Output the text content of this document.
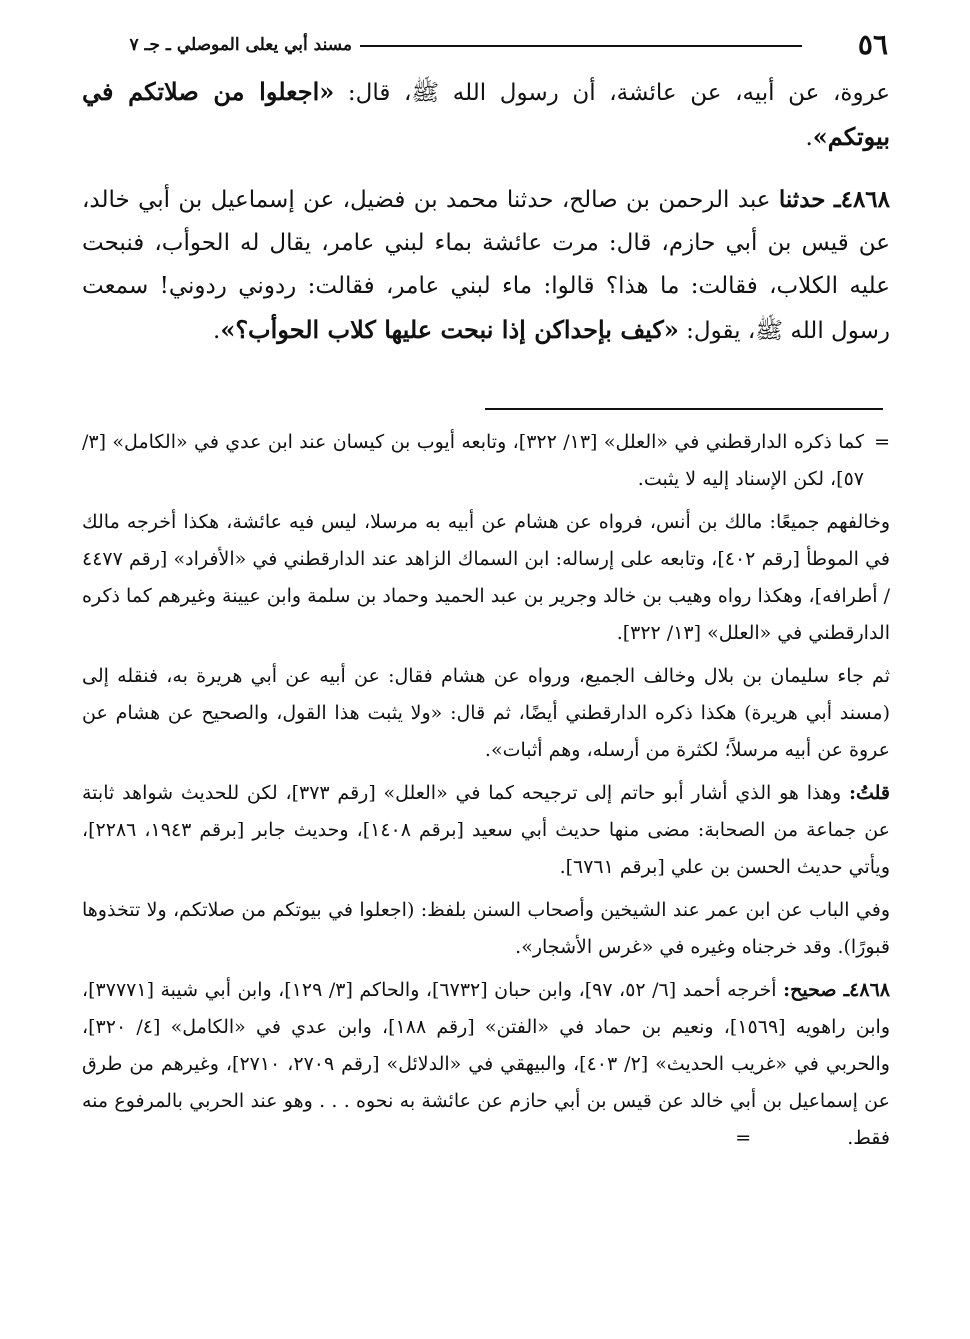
٥٦
مسند أبي يعلى الموصلي ـ جـ ٧

عروة، عن أبيه، عن عائشة، أن رسول الله ﷺ، قال: «اجعلوا من صلاتكم في بيوتكم».

٤٨٦٨ـ حدثنا عبد الرحمن بن صالح، حدثنا محمد بن فضيل، عن إسماعيل بن أبي خالد، عن قيس بن أبي حازم، قال: مرت عائشة بماء لبني عامر، يقال له الحوأب، فنبحت عليه الكلاب، فقالت: ما هذا؟ قالوا: ماء لبني عامر، فقالت: ردوني ردوني! سمعت رسول الله ﷺ، يقول: «كيف بإحداكن إذا نبحت عليها كلاب الحوأب؟».

=
كما ذكره الدارقطني في «العلل» [١٣/ ٣٢٢]، وتابعه أيوب بن كيسان عند ابن عدي في «الكامل» [٣/ ٥٧]، لكن الإسناد إليه لا يثبت.

وخالفهم جميعًا: مالك بن أنس، فرواه عن هشام عن أبيه به مرسلا، ليس فيه عائشة، هكذا أخرجه مالك في الموطأ [رقم ٤٠٢]، وتابعه على إرساله: ابن السماك الزاهد عند الدارقطني في «الأفراد» [رقم ٤٤٧٧ / أطرافه]، وهكذا رواه وهيب بن خالد وجرير بن عبد الحميد وحماد بن سلمة وابن عيينة وغيرهم كما ذكره الدارقطني في «العلل» [١٣/ ٣٢٢].

ثم جاء سليمان بن بلال وخالف الجميع، ورواه عن هشام فقال: عن أبيه عن أبي هريرة به، فنقله إلى (مسند أبي هريرة) هكذا ذكره الدارقطني أيضًا، ثم قال: «ولا يثبت هذا القول، والصحيح عن هشام عن عروة عن أبيه مرسلاً؛ لكثرة من أرسله، وهم أثبات».

قلتُ: وهذا هو الذي أشار أبو حاتم إلى ترجيحه كما في «العلل» [رقم ٣٧٣]، لكن للحديث شواهد ثابتة عن جماعة من الصحابة: مضى منها حديث أبي سعيد [برقم ١٤٠٨]، وحديث جابر [برقم ١٩٤٣، ٢٢٨٦]، ويأتي حديث الحسن بن علي [برقم ٦٧٦١].

وفي الباب عن ابن عمر عند الشيخين وأصحاب السنن بلفظ: (اجعلوا في بيوتكم من صلاتكم، ولا تتخذوها قبورًا). وقد خرجناه وغيره في «غرس الأشجار».

٤٨٦٨ـ صحيح: أخرجه أحمد [٦/ ٥٢، ٩٧]، وابن حبان [٦٧٣٢]، والحاكم [٣/ ١٢٩]، وابن أبي شيبة [٣٧٧٧١]، وابن راهويه [١٥٦٩]، ونعيم بن حماد في «الفتن» [رقم ١٨٨]، وابن عدي في «الكامل» [٤/ ٣٢٠]، والحربي في «غريب الحديث» [٢/ ٤٠٣]، والبيهقي في «الدلائل» [رقم ٢٧٠٩، ٢٧١٠]، وغيرهم من طرق عن إسماعيل بن أبي خالد عن قيس بن أبي حازم عن عائشة به نحوه . . . وهو عند الحربي بالمرفوع منه فقط. =
